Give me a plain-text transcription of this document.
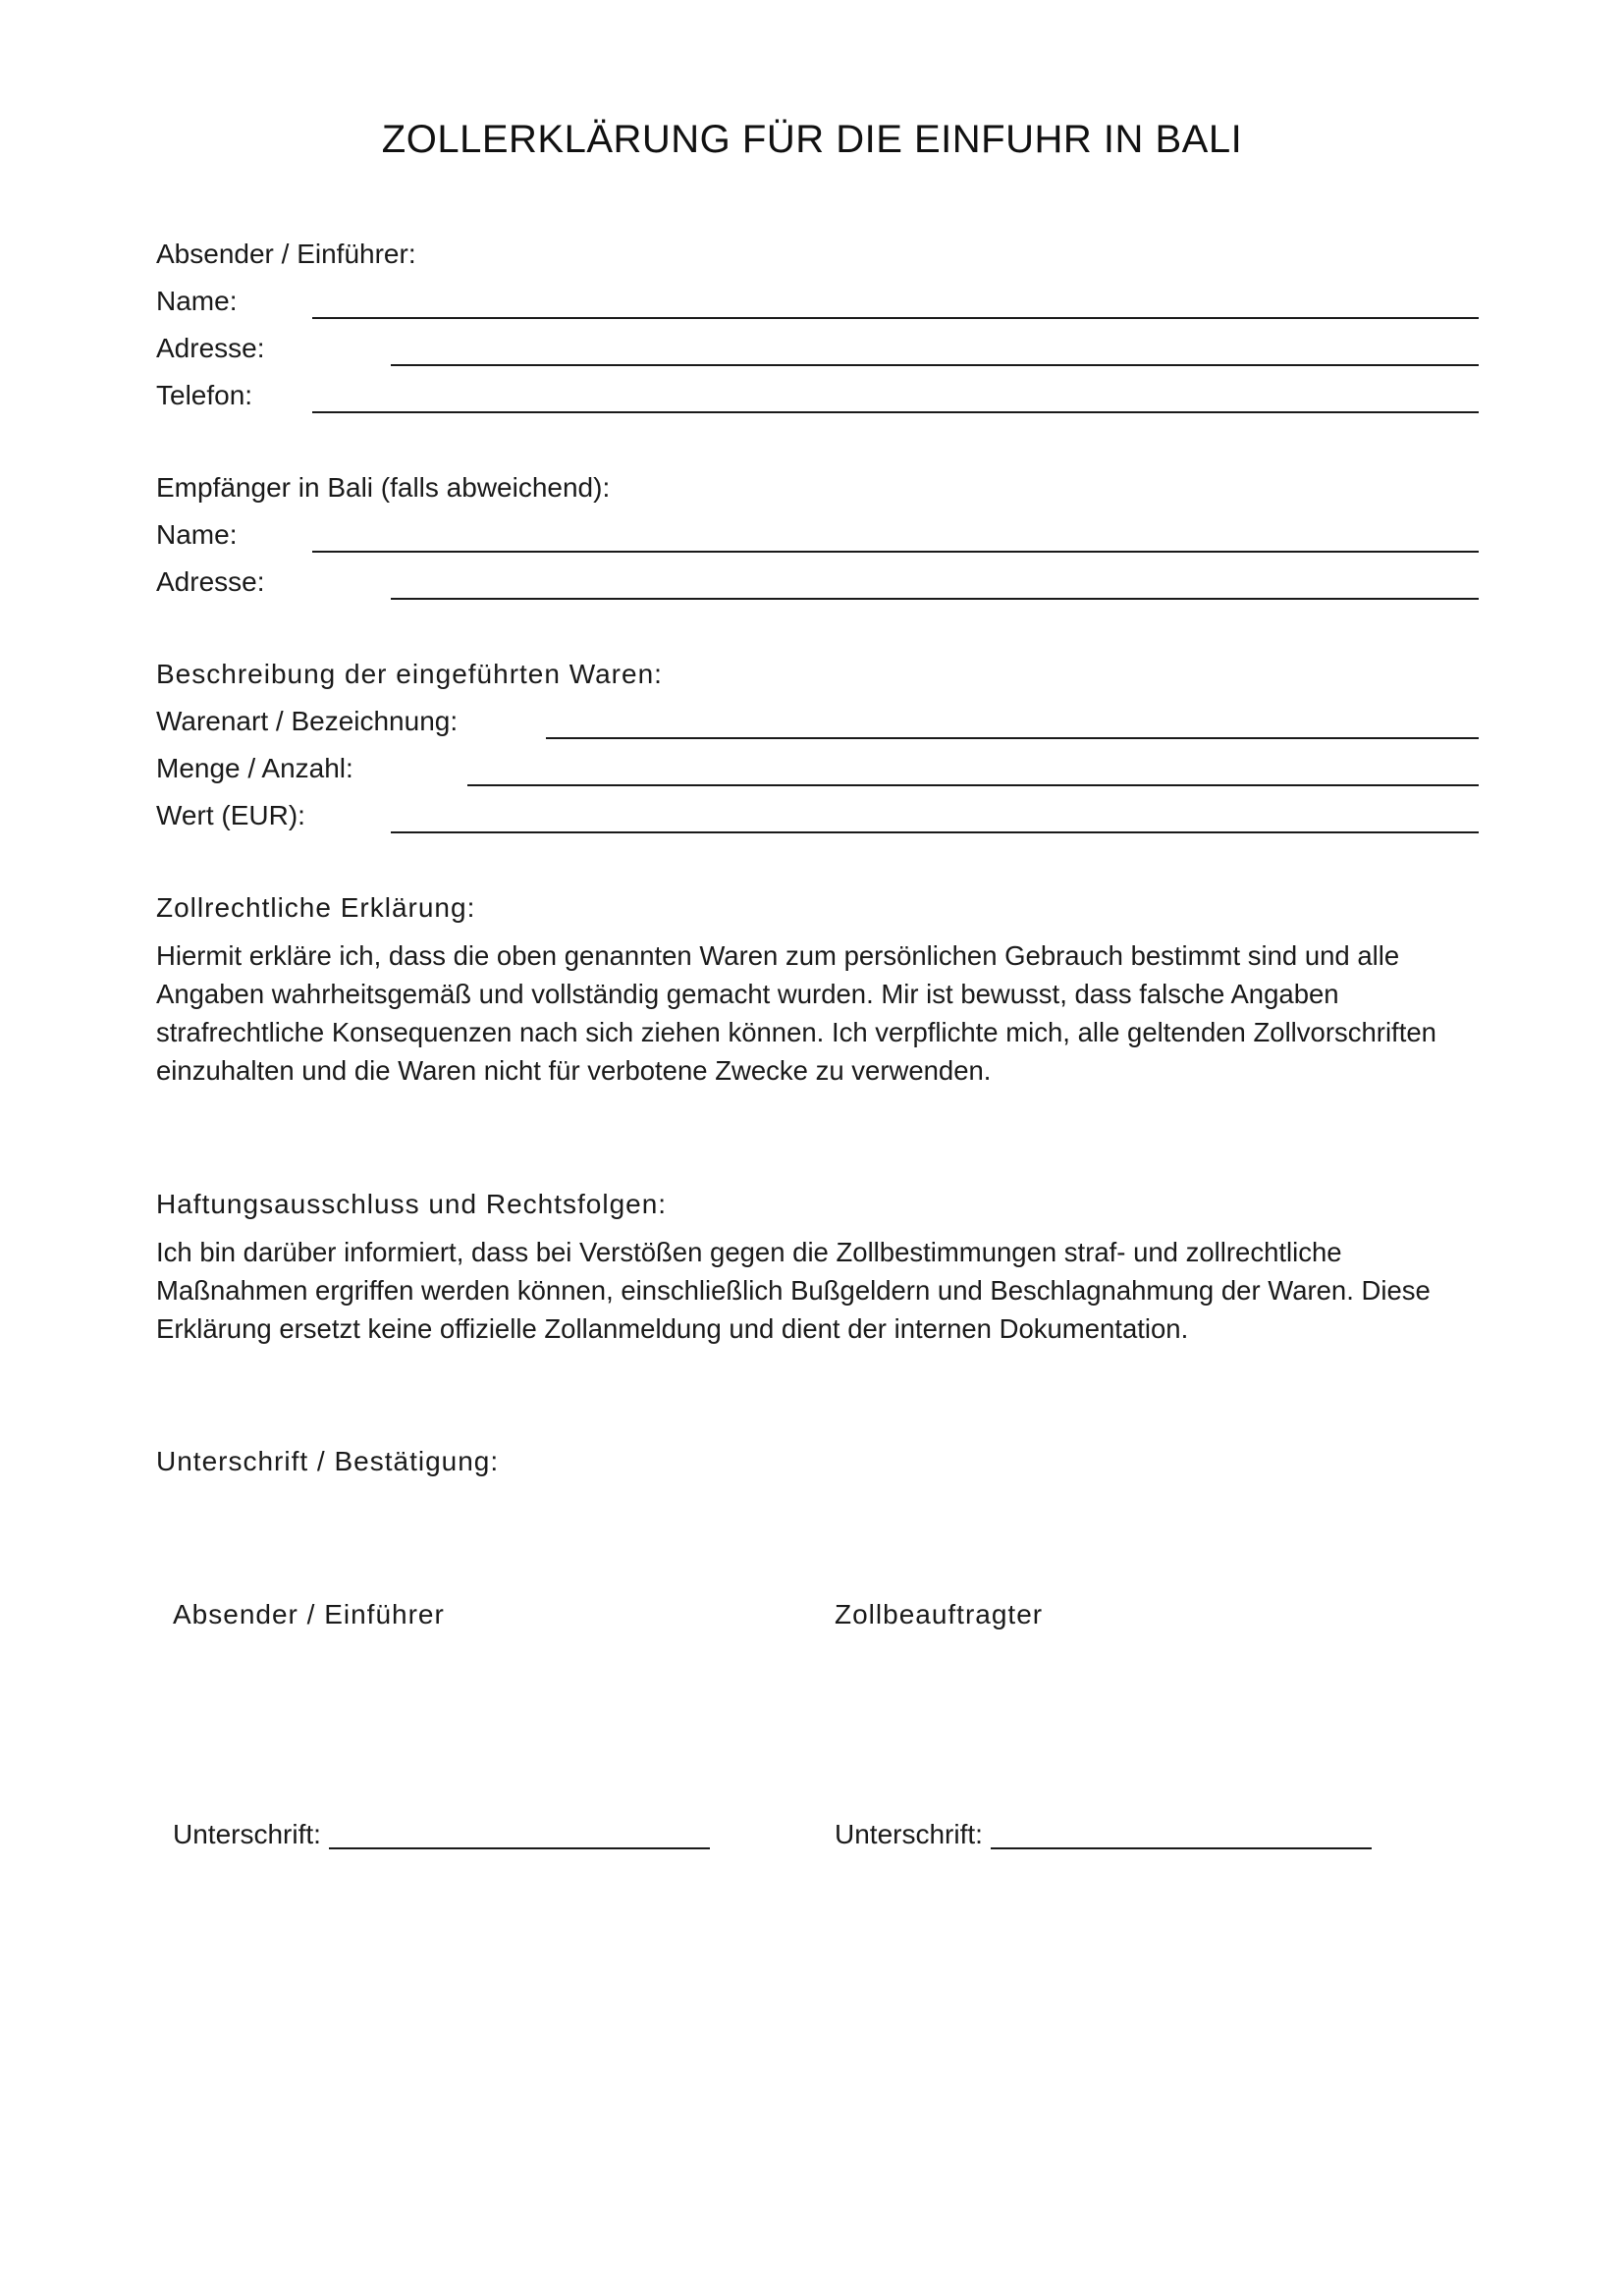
ZOLLERKLÄRUNG FÜR DIE EINFUHR IN BALI
Absender / Einführer:
Name:
Adresse:
Telefon:
Empfänger in Bali (falls abweichend):
Name:
Adresse:
Beschreibung der eingeführten Waren:
Warenart / Bezeichnung:
Menge / Anzahl:
Wert (EUR):
Zollrechtliche Erklärung:
Hiermit erkläre ich, dass die oben genannten Waren zum persönlichen Gebrauch bestimmt sind und alle Angaben wahrheitsgemäß und vollständig gemacht wurden. Mir ist bewusst, dass falsche Angaben strafrechtliche Konsequenzen nach sich ziehen können. Ich verpflichte mich, alle geltenden Zollvorschriften einzuhalten und die Waren nicht für verbotene Zwecke zu verwenden.
Haftungsausschluss und Rechtsfolgen:
Ich bin darüber informiert, dass bei Verstößen gegen die Zollbestimmungen straf- und zollrechtliche Maßnahmen ergriffen werden können, einschließlich Bußgeldern und Beschlagnahmung der Waren. Diese Erklärung ersetzt keine offizielle Zollanmeldung und dient der internen Dokumentation.
Unterschrift / Bestätigung:
Absender / Einführer	Zollbeauftragter
Unterschrift:	Unterschrift:
